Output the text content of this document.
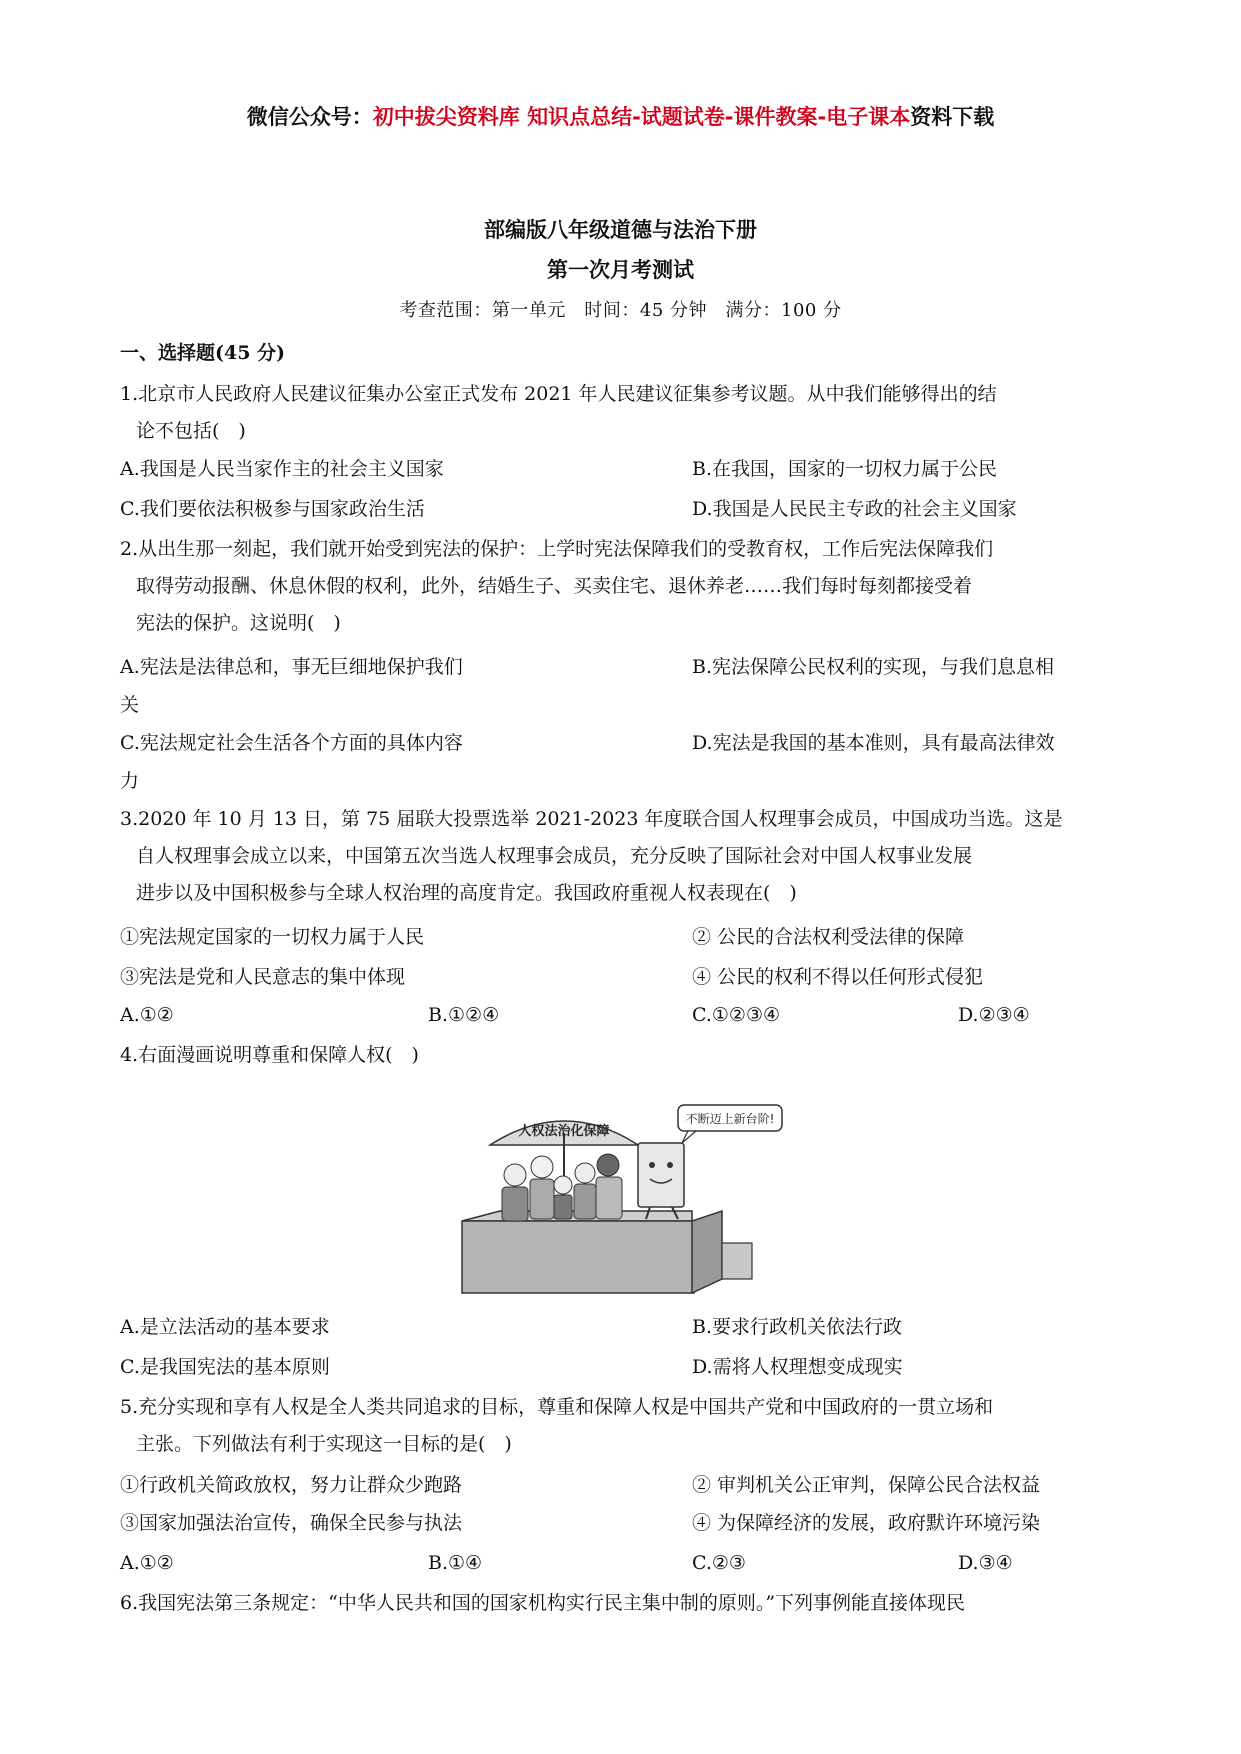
微信公众号：初中拔尖资料库 知识点总结-试题试卷-课件教案-电子课本资料下载
部编版八年级道德与法治下册
第一次月考测试
考查范围：第一单元　时间：45 分钟　满分：100 分
一、选择题(45 分)
1.北京市人民政府人民建议征集办公室正式发布 2021 年人民建议征集参考议题。从中我们能够得出的结
论不包括(　)
A.我国是人民当家作主的社会主义国家	B.在我国，国家的一切权力属于公民
C.我们要依法积极参与国家政治生活	D.我国是人民民主专政的社会主义国家
2.从出生那一刻起，我们就开始受到宪法的保护：上学时宪法保障我们的受教育权，工作后宪法保障我们
取得劳动报酬、休息休假的权利，此外，结婚生子、买卖住宅、退休养老……我们每时每刻都接受着
宪法的保护。这说明(　)
A.宪法是法律总和，事无巨细地保护我们	B.宪法保障公民权利的实现，与我们息息相
关
C.宪法规定社会生活各个方面的具体内容	D.宪法是我国的基本准则，具有最高法律效
力
3.2020 年 10 月 13 日，第 75 届联大投票选举 2021-2023 年度联合国人权理事会成员，中国成功当选。这是
自人权理事会成立以来，中国第五次当选人权理事会成员，充分反映了国际社会对中国人权事业发展
进步以及中国积极参与全球人权治理的高度肯定。我国政府重视人权表现在(　)
①宪法规定国家的一切权力属于人民	② 公民的合法权利受法律的保障
③宪法是党和人民意志的集中体现	④ 公民的权利不得以任何形式侵犯
A.①②	B.①②④	C.①②③④	D.②③④
4.右面漫画说明尊重和保障人权(　)
人权法治化保障
不断迈上新台阶!
A.是立法活动的基本要求	B.要求行政机关依法行政
C.是我国宪法的基本原则	D.需将人权理想变成现实
5.充分实现和享有人权是全人类共同追求的目标，尊重和保障人权是中国共产党和中国政府的一贯立场和
主张。下列做法有利于实现这一目标的是(　)
①行政机关简政放权，努力让群众少跑路	② 审判机关公正审判，保障公民合法权益
③国家加强法治宣传，确保全民参与执法	④ 为保障经济的发展，政府默许环境污染
A.①②	B.①④	C.②③	D.③④
6.我国宪法第三条规定：“中华人民共和国的国家机构实行民主集中制的原则。”下列事例能直接体现民
